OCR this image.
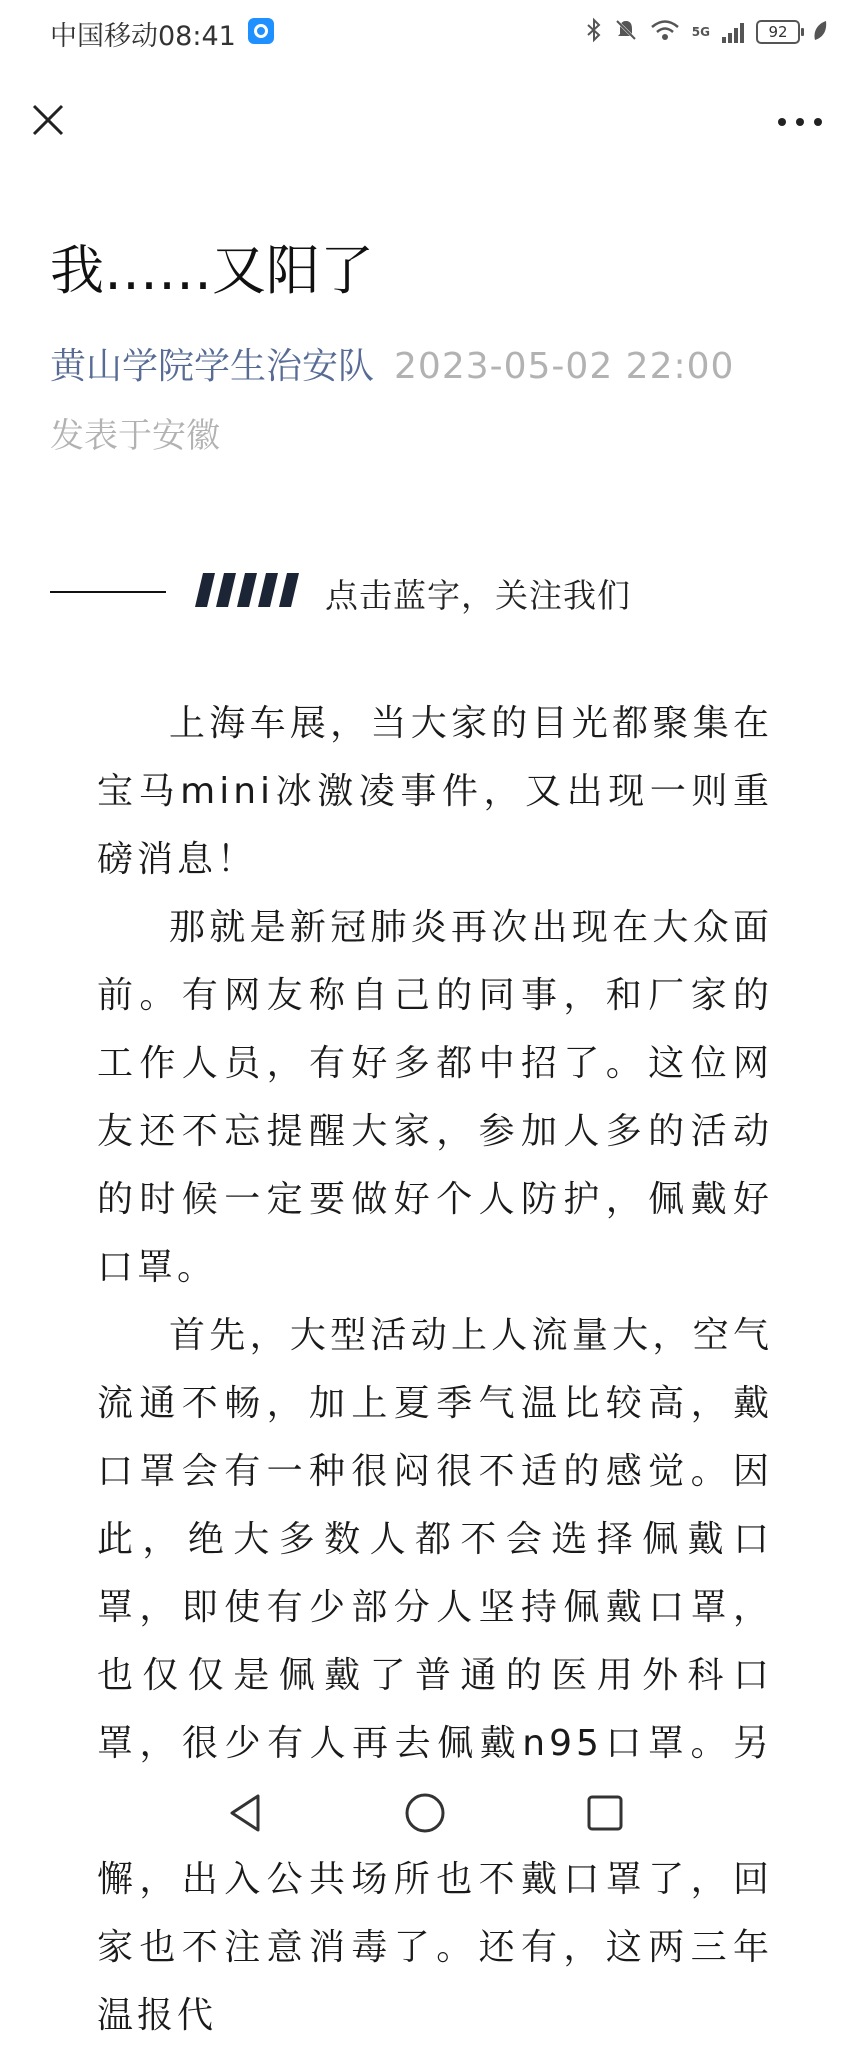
中国移动08:41	5G	92
我……又阳了
黄山学院学生治安队 2023-05-02 22:00
发表于安徽
点击蓝字，关注我们

上海车展，当大家的目光都聚集在宝马mini冰激凌事件，又出现一则重磅消息！

那就是新冠肺炎再次出现在大众面前。有网友称自己的同事，和厂家的工作人员，有好多都中招了。这位网友还不忘提醒大家，参加人多的活动的时候一定要做好个人防护，佩戴好口罩。

首先，大型活动上人流量大，空气流通不畅，加上夏季气温比较高，戴口罩会有一种很闷很不适的感觉。因此，绝大多数人都不会选择佩戴口罩，即使有少部分人坚持佩戴口罩，也仅仅是佩戴了普通的医用外科口罩，很少有人再去佩戴n95口罩。另 懈，出入公共场所也不戴口罩了，回家也不注意消毒了。还有，这两三年温报代
